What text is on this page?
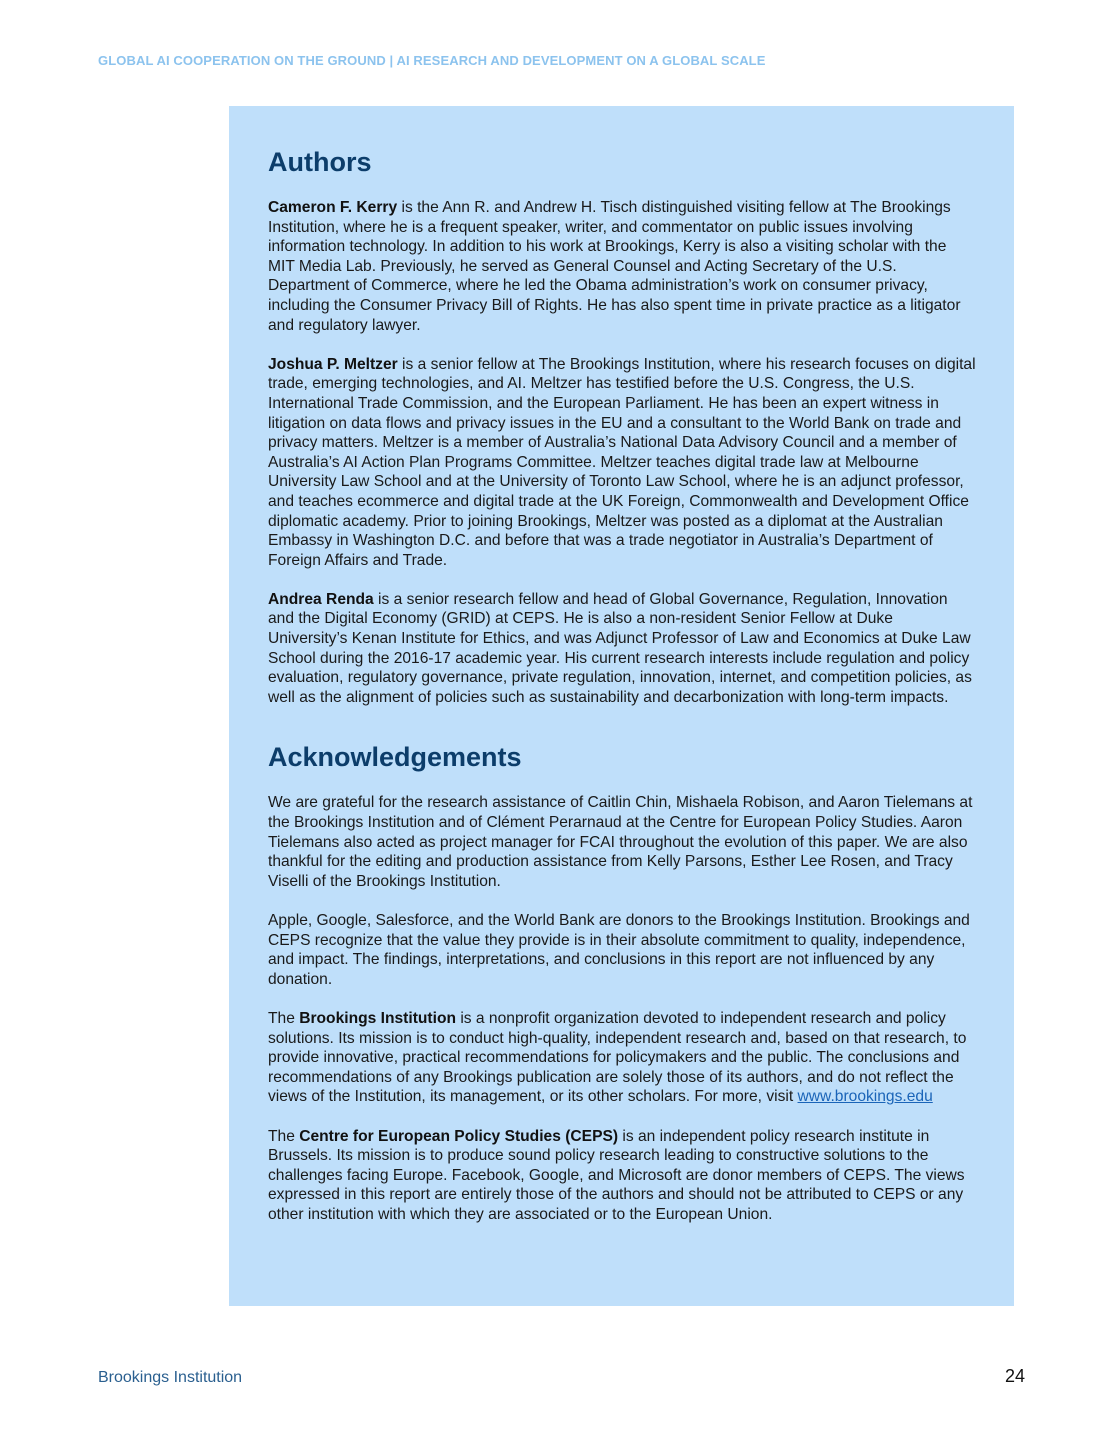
GLOBAL AI COOPERATION ON THE GROUND | AI RESEARCH AND DEVELOPMENT ON A GLOBAL SCALE
Authors

Cameron F. Kerry is the Ann R. and Andrew H. Tisch distinguished visiting fellow at The Brookings Institution, where he is a frequent speaker, writer, and commentator on public issues involving information technology. In addition to his work at Brookings, Kerry is also a visiting scholar with the MIT Media Lab. Previously, he served as General Counsel and Acting Secretary of the U.S. Department of Commerce, where he led the Obama administration’s work on consumer privacy, including the Consumer Privacy Bill of Rights. He has also spent time in private practice as a litigator and regulatory lawyer.

Joshua P. Meltzer is a senior fellow at The Brookings Institution, where his research focuses on digital trade, emerging technologies, and AI. Meltzer has testified before the U.S. Congress, the U.S. International Trade Commission, and the European Parliament. He has been an expert witness in litigation on data flows and privacy issues in the EU and a consultant to the World Bank on trade and privacy matters. Meltzer is a member of Australia’s National Data Advisory Council and a member of Australia’s AI Action Plan Programs Committee. Meltzer teaches digital trade law at Melbourne University Law School and at the University of Toronto Law School, where he is an adjunct professor, and teaches ecommerce and digital trade at the UK Foreign, Commonwealth and Development Office diplomatic academy. Prior to joining Brookings, Meltzer was posted as a diplomat at the Australian Embassy in Washington D.C. and before that was a trade negotiator in Australia’s Department of Foreign Affairs and Trade.

Andrea Renda is a senior research fellow and head of Global Governance, Regulation, Innovation and the Digital Economy (GRID) at CEPS. He is also a non-resident Senior Fellow at Duke University’s Kenan Institute for Ethics, and was Adjunct Professor of Law and Economics at Duke Law School during the 2016-17 academic year. His current research interests include regulation and policy evaluation, regulatory governance, private regulation, innovation, internet, and competition policies, as well as the alignment of policies such as sustainability and decarbonization with long-term impacts.

Acknowledgements

We are grateful for the research assistance of Caitlin Chin, Mishaela Robison, and Aaron Tielemans at the Brookings Institution and of Clément Perarnaud at the Centre for European Policy Studies. Aaron Tielemans also acted as project manager for FCAI throughout the evolution of this paper. We are also thankful for the editing and production assistance from Kelly Parsons, Esther Lee Rosen, and Tracy Viselli of the Brookings Institution.

Apple, Google, Salesforce, and the World Bank are donors to the Brookings Institution. Brookings and CEPS recognize that the value they provide is in their absolute commitment to quality, independence, and impact. The findings, interpretations, and conclusions in this report are not influenced by any donation.

The Brookings Institution is a nonprofit organization devoted to independent research and policy solutions. Its mission is to conduct high-quality, independent research and, based on that research, to provide innovative, practical recommendations for policymakers and the public. The conclusions and recommendations of any Brookings publication are solely those of its authors, and do not reflect the views of the Institution, its management, or its other scholars. For more, visit www.brookings.edu

The Centre for European Policy Studies (CEPS) is an independent policy research institute in Brussels. Its mission is to produce sound policy research leading to constructive solutions to the challenges facing Europe. Facebook, Google, and Microsoft are donor members of CEPS. The views expressed in this report are entirely those of the authors and should not be attributed to CEPS or any other institution with which they are associated or to the European Union.

Brookings Institution	24
